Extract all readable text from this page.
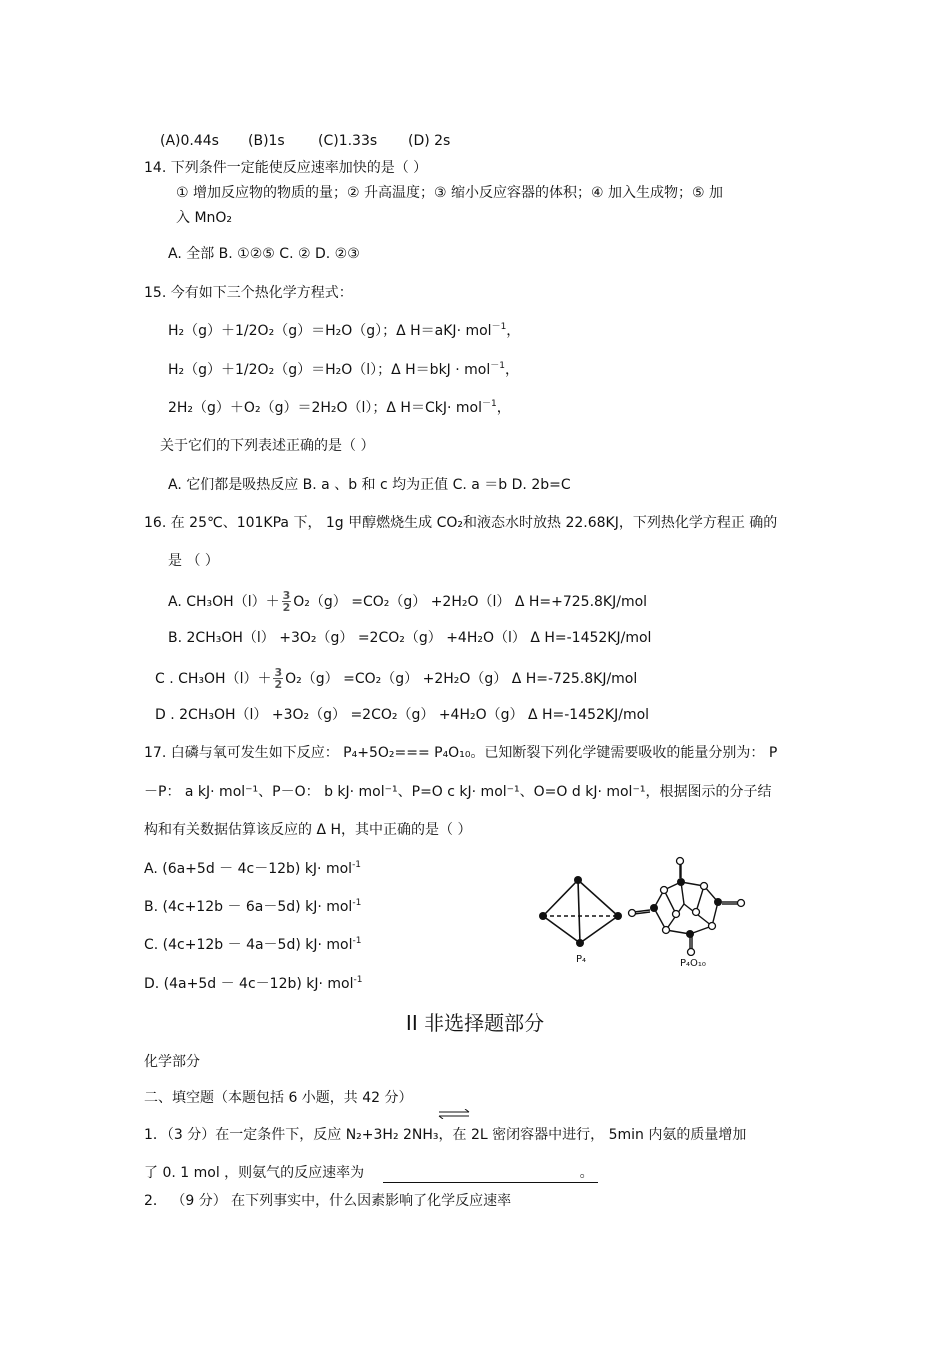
(A)0.44s (B)1s (C)1.33s (D) 2s
14. 下列条件一定能使反应速率加快的是（ ）
① 增加反应物的物质的量；② 升高温度；③ 缩小反应容器的体积；④ 加入生成物；⑤ 加
入 MnO₂
A. 全部 B. ①②⑤ C. ② D. ②③
15. 今有如下三个热化学方程式：
H₂（g）＋1/2O₂（g）＝H₂O（g）；Δ H＝aKJ· mol$^{-1}$，
H₂（g）＋1/2O₂（g）＝H₂O（l）；Δ H＝bkJ · mol$^{-1}$，
2H₂（g）＋O₂（g）＝2H₂O（l）；Δ H＝CkJ· mol$^{-1}$，
关于它们的下列表述正确的是（ ）
A. 它们都是吸热反应 B. a 、b 和 c 均为正值 C. a ＝b D. 2b=C
16. 在 25℃、101KPa 下， 1g 甲醇燃烧生成 CO₂和液态水时放热 22.68KJ，下列热化学方程正 确的
是 （ ）
A. $CH_3OH(l)+ \frac{3}{2} O_2(g) =CO_2(g) +2H_2O(l)$ Δ H=+725.8KJ/mol
B. 2CH₃OH（l） +3O₂（g） =2CO₂（g） +4H₂O（l） Δ H=-1452KJ/mol
C . $CH_3OH(l)+ \frac{3}{2} O_2(g) =CO_2(g) +2H_2O(g)$ Δ H=-725.8KJ/mol
D . 2CH₃OH（l） +3O₂（g） =2CO₂（g） +4H₂O（g） Δ H=-1452KJ/mol
17. 白磷与氧可发生如下反应： P₄+5O₂=== P₄O₁₀。已知断裂下列化学键需要吸收的能量分别为： P
－P： a kJ· mol⁻¹、P－O： b kJ· mol⁻¹、P=O c kJ· mol⁻¹、O=O d kJ· mol⁻¹，根据图示的分子结
构和有关数据估算该反应的 Δ H，其中正确的是（ ）
A. (6a+5d － 4c－12b) kJ· mol$^{-1}$
B. (4c+12b － 6a－5d) kJ· mol$^{-1}$
C. (4c+12b － 4a－5d) kJ· mol$^{-1}$
D. (4a+5d － 4c－12b) kJ· mol$^{-1}$
P₄	P₄O₁₀
II 非选择题部分
化学部分
二、填空题（本题包括 6 小题，共 42 分）
1．（3 分）在一定条件下，反应 N₂+3H₂ 2NH₃，在 2L 密闭容器中进行， 5min 内氨的质量增加
了 0. 1 mol ，则氨气的反应速率为	。
2． （9 分） 在下列事实中，什么因素影响了化学反应速率
